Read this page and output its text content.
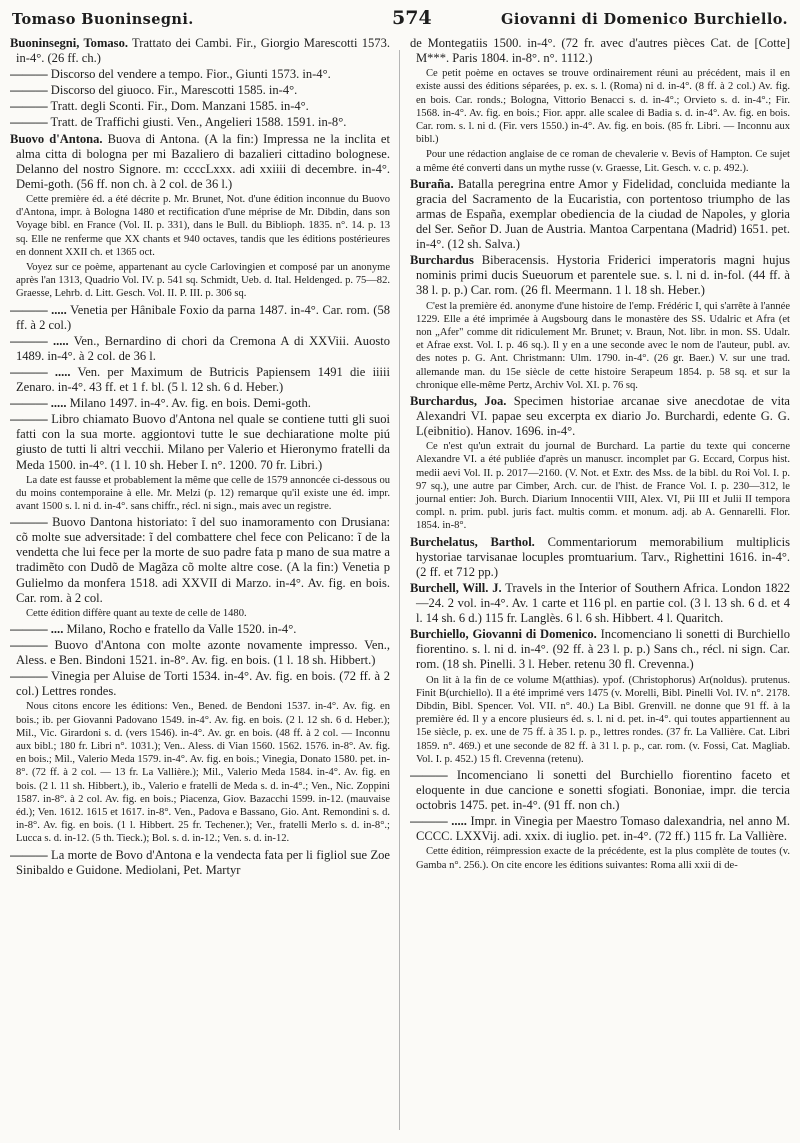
Tomaso Buoninsegni.	574	Giovanni di Domenico Burchiello.
Buoninsegni, Tomaso. Trattato dei Cambi. Fir., Giorgio Marescotti 1573. in-4°. (26 ff. ch.)
——— Discorso del vendere a tempo. Fior., Giunti 1573. in-4°.
——— Discorso del giuoco. Fir., Marescotti 1585. in-4°.
——— Tratt. degli Sconti. Fir., Dom. Manzani 1585. in-4°.
——— Tratt. de Traffichi giusti. Ven., Angelieri 1588. 1591. in-8°.
Buovo d'Antona. Buova di Antona. (A la fin:) Impressa ne la inclita et alma citta di bologna per mi Bazaliero di bazalieri cittadino bolognese. Delanno del nostro Signore. m: ccccLxxx. adi xxiiii di decembre. in-4°. Demi-goth. (56 ff. non ch. à 2 col. de 36 l.)
Cette première éd. a été décrite p. Mr. Brunet, Not. d'une édition inconnue du Buovo d'Antona, impr. à Bologna 1480 et rectification d'une méprise de Mr. Dibdin, dans son Voyage bibl. en France (Vol. II. p. 331), dans le Bull. du Biblioph. 1835. n°. 14. p. 13 sq. Elle ne renferme que XX chants et 940 octaves, tandis que les éditions postérieures en donnent XXII ch. et 1365 oct.
Voyez sur ce poème, appartenant au cycle Carlovingien et composé par un anonyme après l'an 1313, Quadrio Vol. IV. p. 541 sq. Schmidt, Ueb. d. Ital. Heldenged. p. 75—82. Graesse, Lehrb. d. Litt. Gesch. Vol. II. P. III. p. 306 sq.
——— ..... Venetia per Hânibale Foxio da parna 1487. in-4°. Car. rom. (58 ff. à 2 col.)
——— ..... Ven., Bernardino di chori da Cremona A di XXViii. Auosto 1489. in-4°. à 2 col. de 36 l.
——— ..... Ven. per Maximum de Butricis Papiensem 1491 die iiiii Zenaro. in-4°. 43 ff. et 1 f. bl. (5 l. 12 sh. 6 d. Heber.)
——— ..... Milano 1497. in-4°. Av. fig. en bois. Demi-goth.
——— Libro chiamato Buovo d'Antona nel quale se contiene tutti gli suoi fatti con la sua morte. aggiontovi tutte le sue dechiaratione molte piú giusto de tutti li altri vecchii. Milano per Valerio et Hieronymo fratelli da Meda 1500. in-4°. (1 l. 10 sh. Heber I. n°. 1200. 70 fr. Libri.)
La date est fausse et probablement la même que celle de 1579 annoncée ci-dessous ou du moins contemporaine à elle. Mr. Melzi (p. 12) remarque qu'il existe une éd. impr. avant 1500 s. l. ni d. in-4°. sans chiffr., récl. ni sign., mais avec un registre.
——— Buovo Dantona historiato: ĩ del suo inamoramento con Drusiana: cõ molte sue adversitade: ĩ del combattere chel fece con Pelicano: ĩ de la vendetta che lui fece per la morte de suo padre fata p mano de sua matre a tradimẽto con Dudõ de Magãza cõ molte altre cose. (A la fin:) Venetia p Gulielmo da monfera 1518. adi XXVII di Marzo. in-4°. Av. fig. en bois. Car. rom. à 2 col.
Cette édition diffère quant au texte de celle de 1480.
——— .... Milano, Rocho e fratello da Valle 1520. in-4°.
——— Buovo d'Antona con molte azonte novamente impresso. Ven., Aless. e Ben. Bindoni 1521. in-8°. Av. fig. en bois. (1 l. 18 sh. Hibbert.)
——— Vinegia per Aluise de Torti 1534. in-4°. Av. fig. en bois. (72 ff. à 2 col.) Lettres rondes.
Nous citons encore les éditions: Ven., Bened. de Bendoni 1537. in-4°. Av. fig. en bois.; ib. per Giovanni Padovano 1549. in-4°. Av. fig. en bois. (2 l. 12 sh. 6 d. Heber.); Mil., Vic. Girardoni s. d. (vers 1546). in-4°. Av. gr. en bois. (48 ff. à 2 col. — Inconnu aux bibl.; 180 fr. Libri n°. 1031.); Ven.. Aless. di Vian 1560. 1562. 1576. in-8°. Av. fig. en bois.; Mil., Valerio Meda 1579. in-4°. Av. fig. en bois.; Vinegia, Donato 1580. pet. in-8°. (72 ff. à 2 col. — 13 fr. La Vallière.); Mil., Valerio Meda 1584. in-4°. Av. fig. en bois. (2 l. 11 sh. Hibbert.), ib., Valerio e fratelli de Meda s. d. in-4°.; Ven., Nic. Zoppini 1587. in-8°. à 2 col. Av. fig. en bois.; Piacenza, Giov. Bazacchi 1599. in-12. (mauvaise éd.); Ven. 1612. 1615 et 1617. in-8°. Ven., Padova e Bassano, Gio. Ant. Remondini s. d. in-8°. Av. fig. en bois. (1 l. Hibbert. 25 fr. Techener.); Ver., fratelli Merlo s. d. in-8°.; Lucca s. d. in-12. (5 th. Tieck.); Bol. s. d. in-12.; Ven. s. d. in-12.
——— La morte de Bovo d'Antona e la vendecta fata per li figliol sue Zoe Sinibaldo e Guidone. Mediolani, Pet. Martyr
de Montegatiis 1500. in-4°. (72 fr. avec d'autres pièces Cat. de [Cotte] M***. Paris 1804. in-8°. n°. 1112.)
Ce petit poème en octaves se trouve ordinairement réuni au précédent, mais il en existe aussi des éditions séparées, p. ex. s. l. (Roma) ni d. in-4°. (8 ff. à 2 col.) Av. fig. en bois. Car. ronds.; Bologna, Vittorio Benacci s. d. in-4°.; Orvieto s. d. in-4°.; Fir. 1568. in-4°. Av. fig. en bois.; Fior. appr. alle scalee di Badia s. d. in-4°. Av. fig. en bois. Car. rom. s. l. ni d. (Fir. vers 1550.) in-4°. Av. fig. en bois. (85 fr. Libri. — Inconnu aux bibl.)
Pour une rédaction anglaise de ce roman de chevalerie v. Bevis of Hampton. Ce sujet a même été converti dans un mythe russe (v. Graesse, Lit. Gesch. v. c. p. 492.).
Buraña. Batalla peregrina entre Amor y Fidelidad, concluida mediante la gracia del Sacramento de la Eucaristia, con portentoso triumpho de las armas de España, exemplar obediencia de la ciudad de Napoles, y gloria del Ser. Señor D. Juan de Austria. Mantoa Carpentana (Madrid) 1651. pet. in-4°. (12 sh. Salva.)
Burchardus Biberacensis. Hystoria Friderici imperatoris magni hujus nominis primi ducis Sueuorum et parentele sue. s. l. ni d. in-fol. (44 ff. à 38 l. p. p.) Car. rom. (26 fl. Meermann. 1 l. 18 sh. Heber.)
C'est la première éd. anonyme d'une histoire de l'emp. Frédéric I, qui s'arrête à l'année 1229. Elle a été imprimée à Augsbourg dans le monastère des SS. Udalric et Afra (et non „Afer" comme dit ridiculement Mr. Brunet; v. Braun, Not. libr. in mon. SS. Udalr. et Afrae exst. Vol. I. p. 46 sq.). Il y en a une seconde avec le nom de l'auteur, publ. av. des notes p. G. Ant. Christmann: Ulm. 1790. in-4°. (26 gr. Baer.) V. sur une trad. allemande man. du 15e siècle de cette histoire Serapeum 1854. p. 58 sq. et sur la chronique elle-même Pertz, Archiv Vol. XI. p. 76 sq.
Burchardus, Joa. Specimen historiae arcanae sive anecdotae de vita Alexandri VI. papae seu excerpta ex diario Jo. Burchardi, edente G. G. L(eibnitio). Hanov. 1696. in-4°.
Ce n'est qu'un extrait du journal de Burchard. La partie du texte qui concerne Alexandre VI. a été publiée d'après un manuscr. incomplet par G. Eccard, Corpus hist. medii aevi Vol. II. p. 2017—2160. (V. Not. et Extr. des Mss. de la bibl. du Roi Vol. I. p. 97 sq.), une autre par Cimber, Arch. cur. de l'hist. de France Vol. I. p. 230—312, le journal entier: Joh. Burch. Diarium Innocentii VIII, Alex. VI, Pii III et Julii II tempora compl. n. prim. publ. juris fact. multis comm. et monum. adj. ab A. Gennarelli. Flor. 1854. in-8°.
Burchelatus, Barthol. Commentariorum memorabilium multiplicis hystoriae tarvisanae locuples promtuarium. Tarv., Righettini 1616. in-4°. (2 ff. et 712 pp.)
Burchell, Will. J. Travels in the Interior of Southern Africa. London 1822—24. 2 vol. in-4°. Av. 1 carte et 116 pl. en partie col. (3 l. 13 sh. 6 d. et 4 l. 14 sh. 6 d.) 115 fr. Langlès. 6 l. 6 sh. Hibbert. 4 l. Quaritch.
Burchiello, Giovanni di Domenico. Incomenciano li sonetti di Burchiello fiorentino. s. l. ni d. in-4°. (92 ff. à 23 l. p. p.) Sans ch., récl. ni sign. Car. rom. (18 sh. Pinelli. 3 l. Heber. retenu 30 fl. Crevenna.)
On lit à la fin de ce volume M(atthias). ypof. (Christophorus) Ar(noldus). prutenus. Finit B(urchiello). Il a été imprimé vers 1475 (v. Morelli, Bibl. Pinelli Vol. IV. n°. 2178. Dibdin, Bibl. Spencer. Vol. VII. n°. 40.) La Bibl. Grenvill. ne donne que 91 ff. à la première éd. Il y a encore plusieurs éd. s. l. ni d. pet. in-4°. qui toutes appartiennent au 15e siècle, p. ex. une de 75 ff. à 35 l. p. p., lettres rondes. (37 fr. La Vallière. Cat. Libri 1859. n°. 469.) et une seconde de 82 ff. à 31 l. p. p., car. rom. (v. Fossi, Cat. Magliab. Vol. I. p. 452.) 15 fl. Crevenna (retenu).
——— Incomenciano li sonetti del Burchiello fiorentino faceto et eloquente in due cancione e sonetti sfogiati. Bononiae, impr. die tercia octobris 1475. pet. in-4°. (91 ff. non ch.)
——— ..... Impr. in Vinegia per Maestro Tomaso dalexandria, nel anno M. CCCC. LXXVij. adi. xxix. di iuglio. pet. in-4°. (72 ff.) 115 fr. La Vallière.
Cette édition, réimpression exacte de la précédente, est la plus complète de toutes (v. Gamba n°. 256.). On cite encore les éditions suivantes: Roma alli xxii di de-
